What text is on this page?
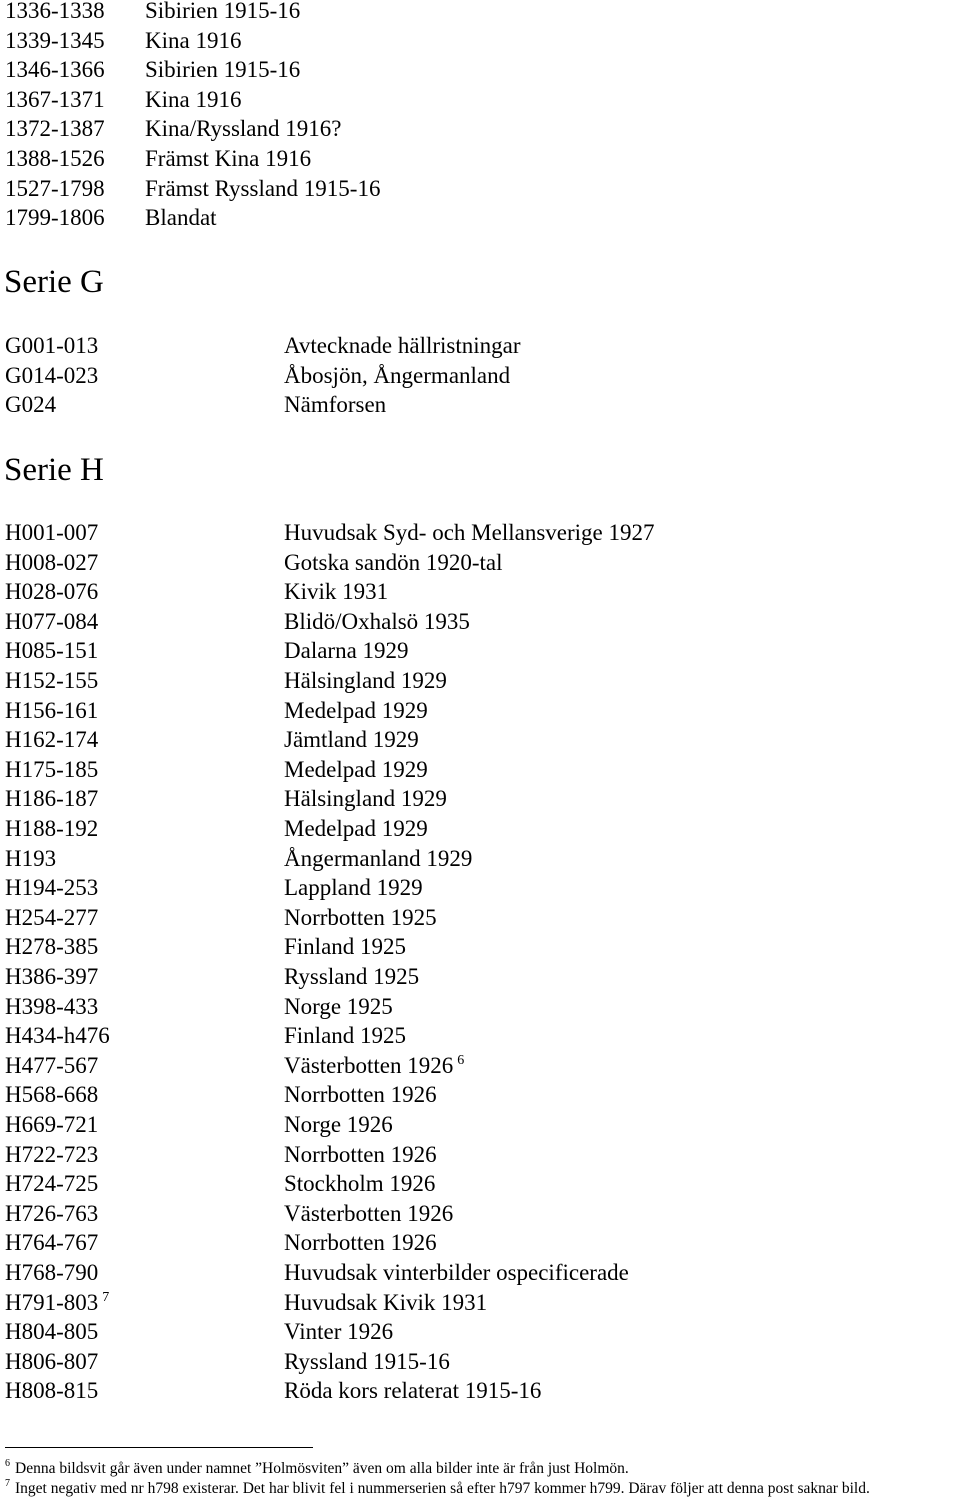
1336-1338 Sibirien 1915-16
1339-1345 Kina 1916
1346-1366 Sibirien 1915-16
1367-1371 Kina 1916
1372-1387 Kina/Ryssland 1916?
1388-1526 Främst Kina 1916
1527-1798 Främst Ryssland 1915-16
1799-1806 Blandat
Serie G
G001-013	Avtecknade hällristningar
G014-023	Åbosjön, Ångermanland
G024	Nämforsen
Serie H
H001-007	Huvudsak Syd- och Mellansverige 1927
H008-027	Gotska sandön 1920-tal
H028-076	Kivik 1931
H077-084	Blidö/Oxhalsö 1935
H085-151	Dalarna 1929
H152-155	Hälsingland 1929
H156-161	Medelpad 1929
H162-174	Jämtland 1929
H175-185	Medelpad 1929
H186-187	Hälsingland 1929
H188-192	Medelpad 1929
H193	Ångermanland 1929
H194-253	Lappland 1929
H254-277	Norrbotten 1925
H278-385	Finland 1925
H386-397	Ryssland 1925
H398-433	Norge 1925
H434-h476	Finland 1925
H477-567	Västerbotten 1926 $^6$
H568-668	Norrbotten 1926
H669-721	Norge 1926
H722-723	Norrbotten 1926
H724-725	Stockholm 1926
H726-763	Västerbotten 1926
H764-767	Norrbotten 1926
H768-790	Huvudsak vinterbilder ospecificerade
H791-803 $^7$	Huvudsak Kivik 1931
H804-805	Vinter 1926
H806-807	Ryssland 1915-16
H808-815	Röda kors relaterat 1915-16
$^6$ Denna bildsvit går även under namnet ”Holmösviten” även om alla bilder inte är från just Holmön.
$^7$ Inget negativ med nr h798 existerar. Det har blivit fel i nummerserien så efter h797 kommer h799. Därav följer att denna post saknar bild.
